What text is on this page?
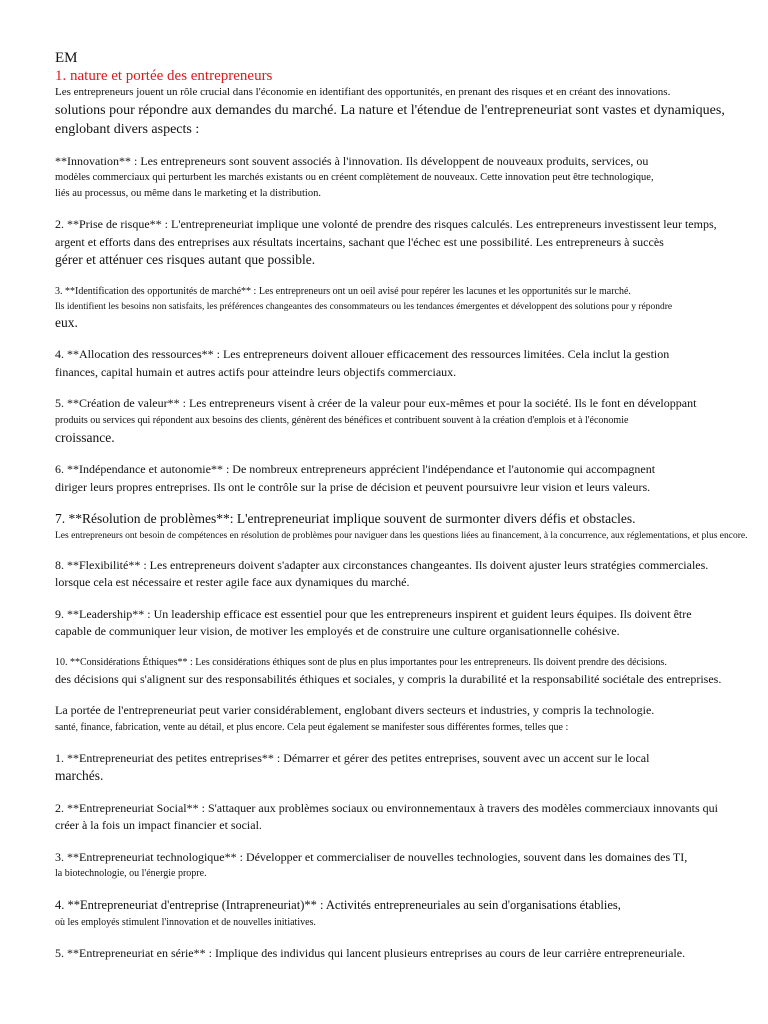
EM
1. nature et portée des entrepreneurs
Les entrepreneurs jouent un rôle crucial dans l'économie en identifiant des opportunités, en prenant des risques et en créant des innovations.
solutions pour répondre aux demandes du marché. La nature et l'étendue de l'entrepreneuriat sont vastes et dynamiques,
englobant divers aspects :
**Innovation** : Les entrepreneurs sont souvent associés à l'innovation. Ils développent de nouveaux produits, services, ou
modèles commerciaux qui perturbent les marchés existants ou en créent complètement de nouveaux. Cette innovation peut être technologique,
liés au processus, ou même dans le marketing et la distribution.
2. **Prise de risque** : L'entrepreneuriat implique une volonté de prendre des risques calculés. Les entrepreneurs investissent leur temps,
argent et efforts dans des entreprises aux résultats incertains, sachant que l'échec est une possibilité. Les entrepreneurs à succès
gérer et atténuer ces risques autant que possible.
3. **Identification des opportunités de marché** : Les entrepreneurs ont un oeil avisé pour repérer les lacunes et les opportunités sur le marché.
Ils identifient les besoins non satisfaits, les préférences changeantes des consommateurs ou les tendances émergentes et développent des solutions pour y répondre
eux.
4. **Allocation des ressources** : Les entrepreneurs doivent allouer efficacement des ressources limitées. Cela inclut la gestion
finances, capital humain et autres actifs pour atteindre leurs objectifs commerciaux.
5. **Création de valeur** : Les entrepreneurs visent à créer de la valeur pour eux-mêmes et pour la société. Ils le font en développant
produits ou services qui répondent aux besoins des clients, génèrent des bénéfices et contribuent souvent à la création d'emplois et à l'économie
croissance.
6. **Indépendance et autonomie** : De nombreux entrepreneurs apprécient l'indépendance et l'autonomie qui accompagnent
diriger leurs propres entreprises. Ils ont le contrôle sur la prise de décision et peuvent poursuivre leur vision et leurs valeurs.
7. **Résolution de problèmes**: L'entrepreneuriat implique souvent de surmonter divers défis et obstacles.
Les entrepreneurs ont besoin de compétences en résolution de problèmes pour naviguer dans les questions liées au financement, à la concurrence, aux réglementations, et plus encore.
8. **Flexibilité** : Les entrepreneurs doivent s'adapter aux circonstances changeantes. Ils doivent ajuster leurs stratégies commerciales.
lorsque cela est nécessaire et rester agile face aux dynamiques du marché.
9. **Leadership** : Un leadership efficace est essentiel pour que les entrepreneurs inspirent et guident leurs équipes. Ils doivent être
capable de communiquer leur vision, de motiver les employés et de construire une culture organisationnelle cohésive.
10. **Considérations Éthiques** : Les considérations éthiques sont de plus en plus importantes pour les entrepreneurs. Ils doivent prendre des décisions.
des décisions qui s'alignent sur des responsabilités éthiques et sociales, y compris la durabilité et la responsabilité sociétale des entreprises.
La portée de l'entrepreneuriat peut varier considérablement, englobant divers secteurs et industries, y compris la technologie.
santé, finance, fabrication, vente au détail, et plus encore. Cela peut également se manifester sous différentes formes, telles que :
1. **Entrepreneuriat des petites entreprises** : Démarrer et gérer des petites entreprises, souvent avec un accent sur le local
marchés.
2. **Entrepreneuriat Social** : S'attaquer aux problèmes sociaux ou environnementaux à travers des modèles commerciaux innovants qui
créer à la fois un impact financier et social.
3. **Entrepreneuriat technologique** : Développer et commercialiser de nouvelles technologies, souvent dans les domaines des TI,
la biotechnologie, ou l'énergie propre.
4. **Entrepreneuriat d'entreprise (Intrapreneuriat)** : Activités entrepreneuriales au sein d'organisations établies,
où les employés stimulent l'innovation et de nouvelles initiatives.
5. **Entrepreneuriat en série** : Implique des individus qui lancent plusieurs entreprises au cours de leur carrière entrepreneuriale.
